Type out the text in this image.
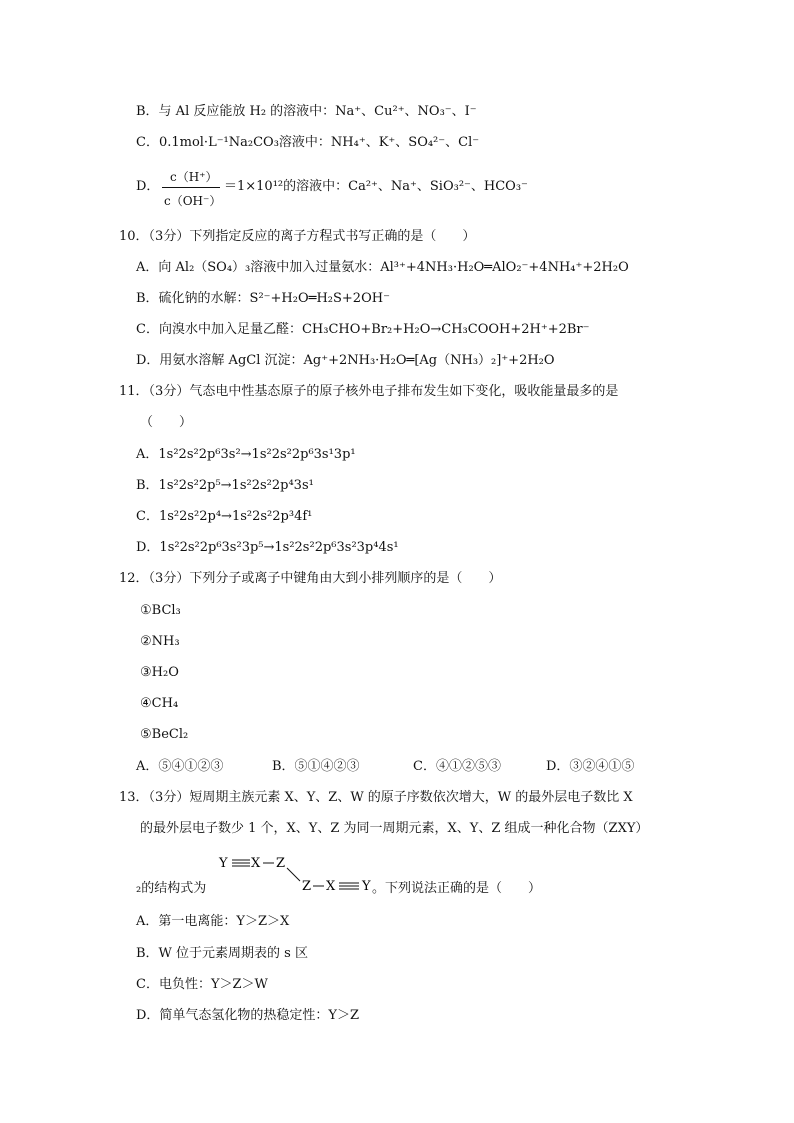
B．与 Al 反应能放 H₂ 的溶液中：Na⁺、Cu²⁺、NO₃⁻、I⁻
C．0.1mol·L⁻¹Na₂CO₃溶液中：NH₄⁺、K⁺、SO₄²⁻、Cl⁻
D．
c（H⁺）
c（OH⁻）
＝1×10¹²的溶液中：Ca²⁺、Na⁺、SiO₃²⁻、HCO₃⁻
10．（3分）下列指定反应的离子方程式书写正确的是（　　）
A．向 Al₂（SO₄）₃溶液中加入过量氨水：Al³⁺+4NH₃·H₂O═AlO₂⁻+4NH₄⁺+2H₂O
B．硫化钠的水解：S²⁻+H₂O═H₂S+2OH⁻
C．向溴水中加入足量乙醛：CH₃CHO+Br₂+H₂O→CH₃COOH+2H⁺+2Br⁻
D．用氨水溶解 AgCl 沉淀：Ag⁺+2NH₃·H₂O═[Ag（NH₃）₂]⁺+2H₂O
11．（3分）气态电中性基态原子的原子核外电子排布发生如下变化，吸收能量最多的是
（　　）
A．1s²2s²2p⁶3s²→1s²2s²2p⁶3s¹3p¹
B．1s²2s²2p⁵→1s²2s²2p⁴3s¹
C．1s²2s²2p⁴→1s²2s²2p³4f¹
D．1s²2s²2p⁶3s²3p⁵→1s²2s²2p⁶3s²3p⁴4s¹
12．（3分）下列分子或离子中键角由大到小排列顺序的是（　　）
①BCl₃
②NH₃
③H₂O
④CH₄
⑤BeCl₂
A．⑤④①②③	B．⑤①④②③	C．④①②⑤③	D．③②④①⑤
13．（3分）短周期主族元素 X、Y、Z、W 的原子序数依次增大，W 的最外层电子数比 X
的最外层电子数少 1 个，X、Y、Z 为同一周期元素，X、Y、Z 组成一种化合物（ZXY）
Y X Z
Z X Y
₂的结构式为	。下列说法正确的是（　　）
A．第一电离能：Y＞Z＞X
B．W 位于元素周期表的 s 区
C．电负性：Y＞Z＞W
D．简单气态氢化物的热稳定性：Y＞Z
